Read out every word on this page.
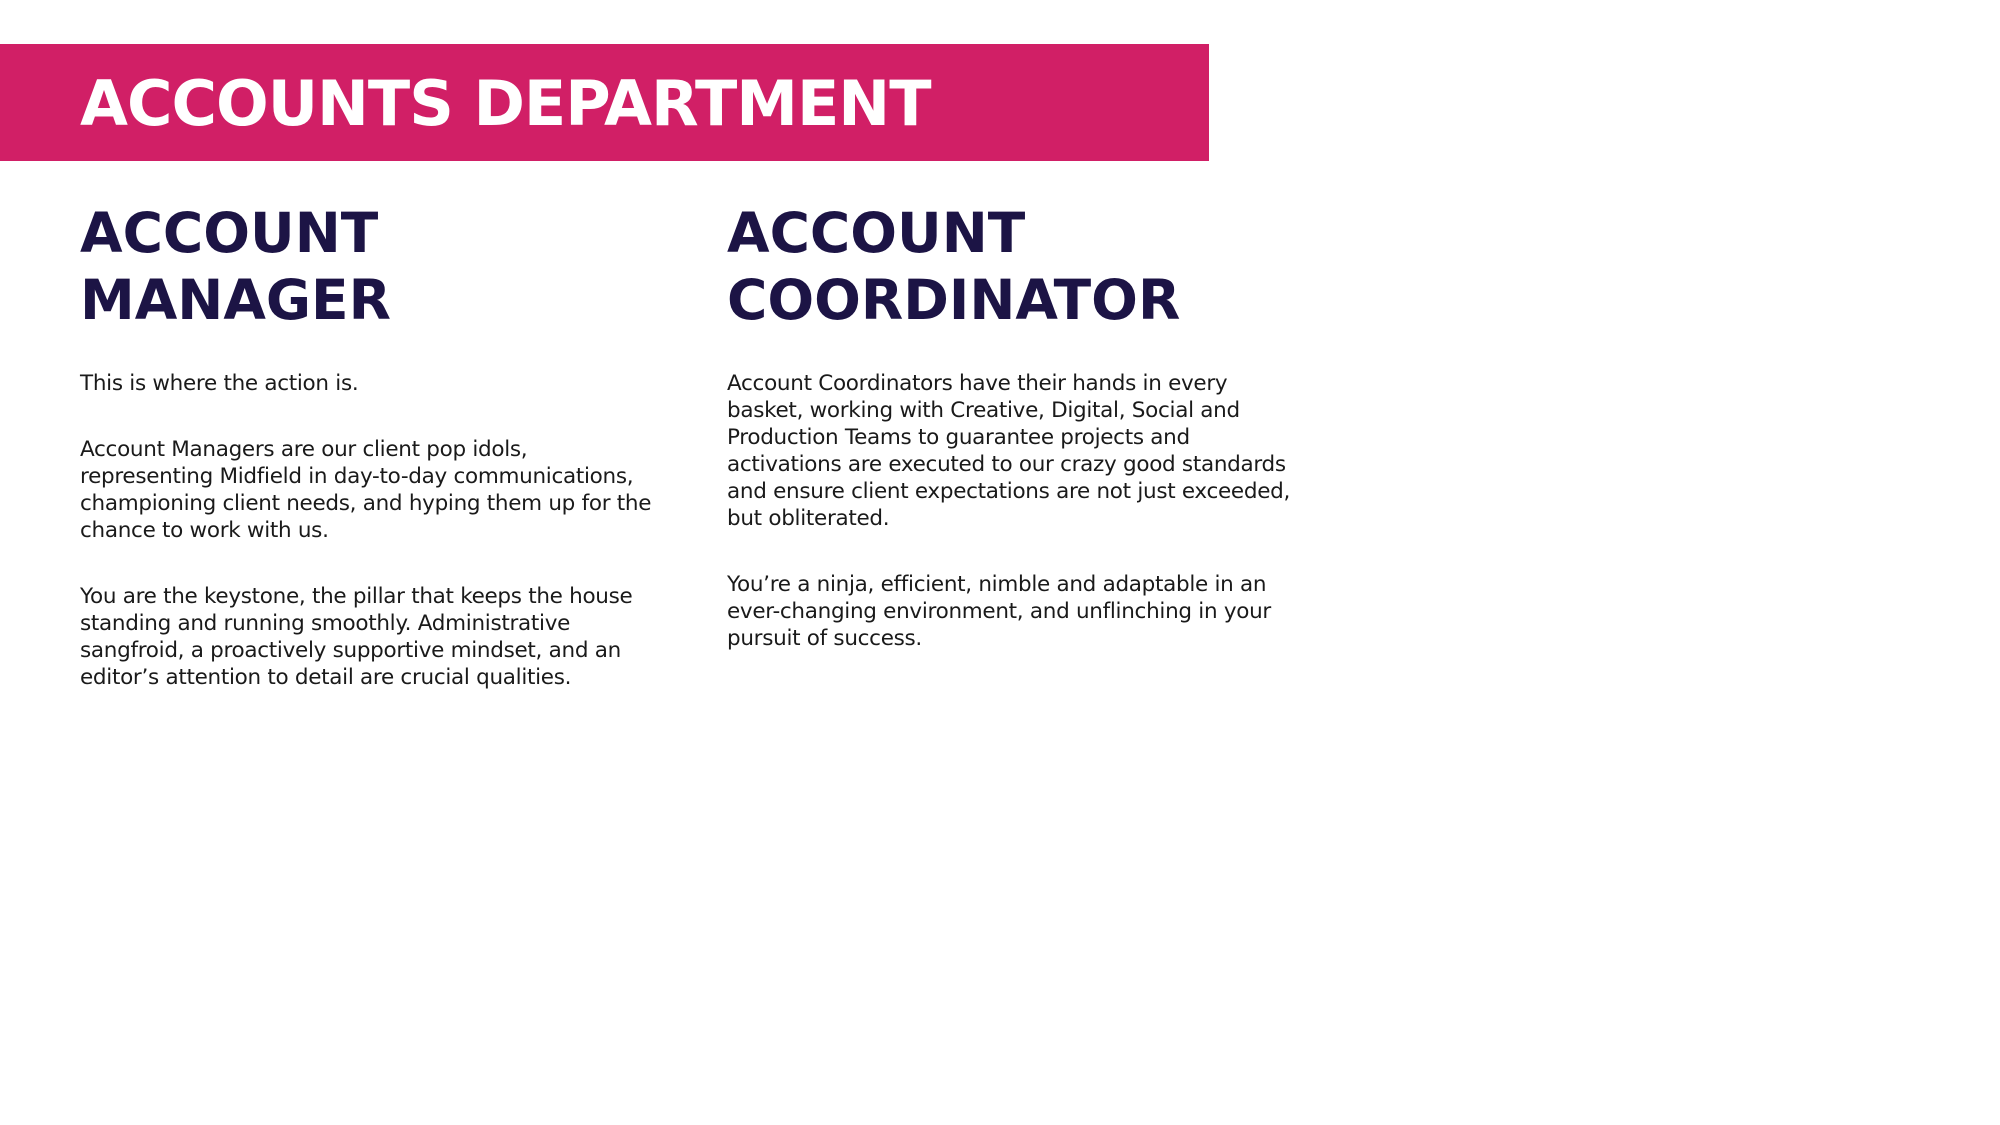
ACCOUNTS DEPARTMENT
ACCOUNT
MANAGER

This is where the action is.

Account Managers are our client pop idols, representing Midfield in day-to-day communications, championing client needs, and hyping them up for the chance to work with us.

You are the keystone, the pillar that keeps the house standing and running smoothly. Administrative sangfroid, a proactively supportive mindset, and an editor’s attention to detail are crucial qualities.

ACCOUNT
COORDINATOR

Account Coordinators have their hands in every basket, working with Creative, Digital, Social and Production Teams to guarantee projects and activations are executed to our crazy good standards and ensure client expectations are not just exceeded, but obliterated.

You’re a ninja, efficient, nimble and adaptable in an ever-changing environment, and unflinching in your pursuit of success.
